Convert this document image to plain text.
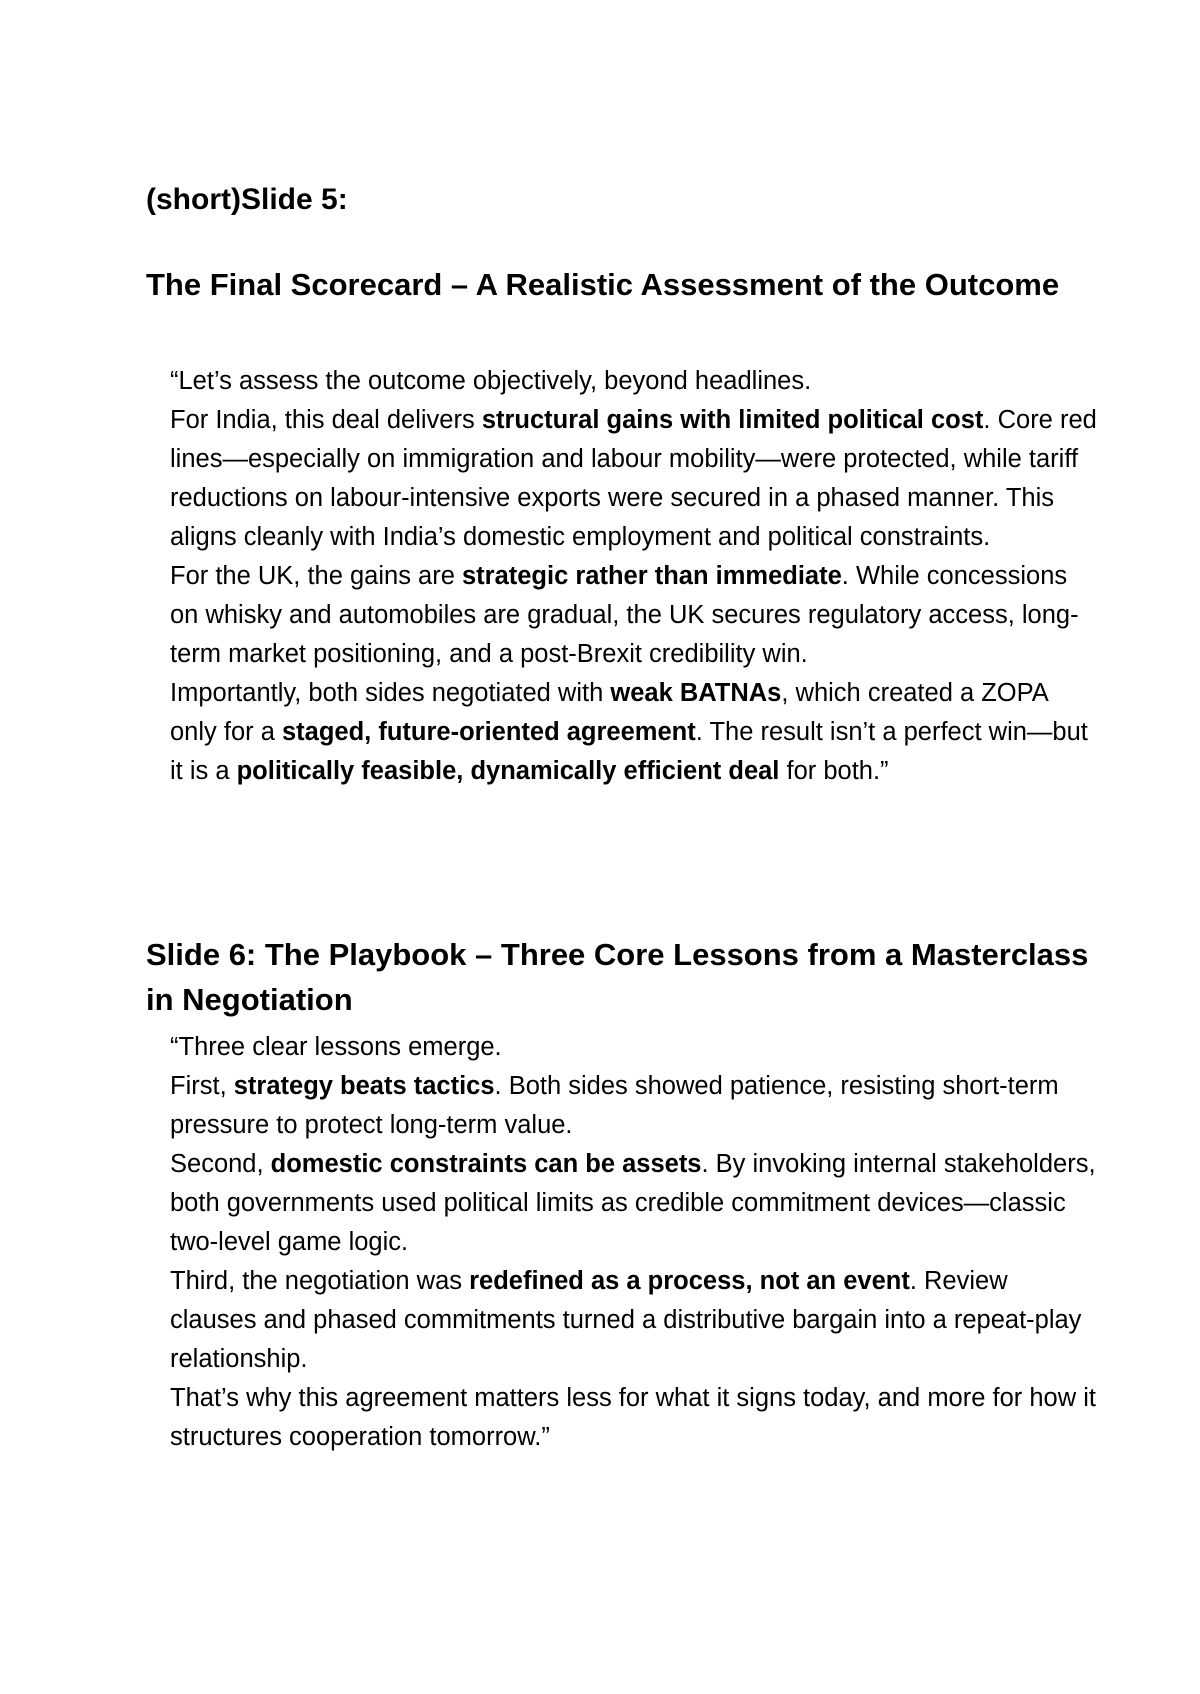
(short)Slide 5:
The Final Scorecard – A Realistic Assessment of the Outcome

“Let’s assess the outcome objectively, beyond headlines.

For India, this deal delivers structural gains with limited political cost. Core red lines—especially on immigration and labour mobility—were protected, while tariff reductions on labour-intensive exports were secured in a phased manner. This aligns cleanly with India’s domestic employment and political constraints.

For the UK, the gains are strategic rather than immediate. While concessions on whisky and automobiles are gradual, the UK secures regulatory access, long-term market positioning, and a post-Brexit credibility win.

Importantly, both sides negotiated with weak BATNAs, which created a ZOPA only for a staged, future-oriented agreement. The result isn’t a perfect win—but it is a politically feasible, dynamically efficient deal for both.”

Slide 6: The Playbook – Three Core Lessons from a Masterclass in Negotiation

“Three clear lessons emerge.

First, strategy beats tactics. Both sides showed patience, resisting short-term pressure to protect long-term value.

Second, domestic constraints can be assets. By invoking internal stakeholders, both governments used political limits as credible commitment devices—classic two-level game logic.

Third, the negotiation was redefined as a process, not an event. Review clauses and phased commitments turned a distributive bargain into a repeat-play relationship.

That’s why this agreement matters less for what it signs today, and more for how it structures cooperation tomorrow.”
